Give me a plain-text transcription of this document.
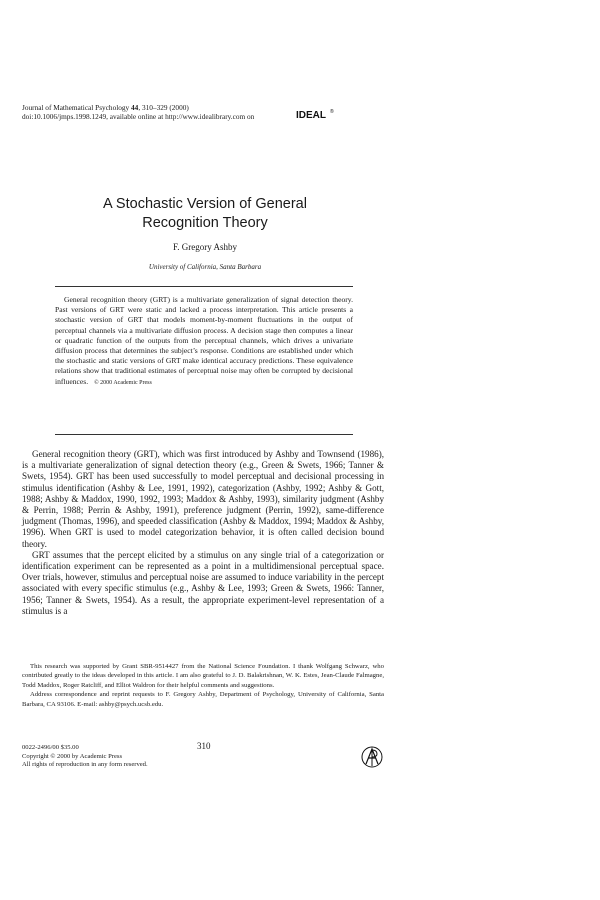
Journal of Mathematical Psychology 44, 310–329 (2000)
doi:10.1006/jmps.1998.1249, available online at http://www.idealibrary.com on	IDEAL ®
A Stochastic Version of General
Recognition Theory
F. Gregory Ashby
University of California, Santa Barbara

General recognition theory (GRT) is a multivariate generalization of signal detection theory. Past versions of GRT were static and lacked a process interpretation. This article presents a stochastic version of GRT that models moment-by-moment fluctuations in the output of perceptual channels via a multivariate diffusion process. A decision stage then computes a linear or quadratic function of the outputs from the perceptual channels, which drives a univariate diffusion process that determines the subject’s response. Conditions are established under which the stochastic and static versions of GRT make identical accuracy predictions. These equivalence relations show that traditional estimates of perceptual noise may often be corrupted by decisional influences. © 2000 Academic Press

General recognition theory (GRT), which was first introduced by Ashby and Townsend (1986), is a multivariate generalization of signal detection theory (e.g., Green & Swets, 1966; Tanner & Swets, 1954). GRT has been used successfully to model perceptual and decisional processing in stimulus identification (Ashby & Lee, 1991, 1992), categorization (Ashby, 1992; Ashby & Gott, 1988; Ashby & Maddox, 1990, 1992, 1993; Maddox & Ashby, 1993), similarity judgment (Ashby & Perrin, 1988; Perrin & Ashby, 1991), preference judgment (Perrin, 1992), same-difference judgment (Thomas, 1996), and speeded classification (Ashby & Maddox, 1994; Maddox & Ashby, 1996). When GRT is used to model categorization behavior, it is often called decision bound theory.

GRT assumes that the percept elicited by a stimulus on any single trial of a categorization or identification experiment can be represented as a point in a multidimensional perceptual space. Over trials, however, stimulus and perceptual noise are assumed to induce variability in the percept associated with every specific stimulus (e.g., Ashby & Lee, 1993; Green & Swets, 1966: Tanner, 1956; Tanner & Swets, 1954). As a result, the appropriate experiment-level representation of a stimulus is a

This research was supported by Grant SBR-9514427 from the National Science Foundation. I thank Wolfgang Schwarz, who contributed greatly to the ideas developed in this article. I am also grateful to J. D. Balakrishnan, W. K. Estes, Jean-Claude Falmagne, Todd Maddox, Roger Ratcliff, and Elliot Waldron for their helpful comments and suggestions.

Address correspondence and reprint requests to F. Gregory Ashby, Department of Psychology, University of California, Santa Barbara, CA 93106. E-mail: ashby@psych.ucsb.edu.

0022-2496/00 $35.00
Copyright © 2000 by Academic Press
All rights of reproduction in any form reserved.
310
